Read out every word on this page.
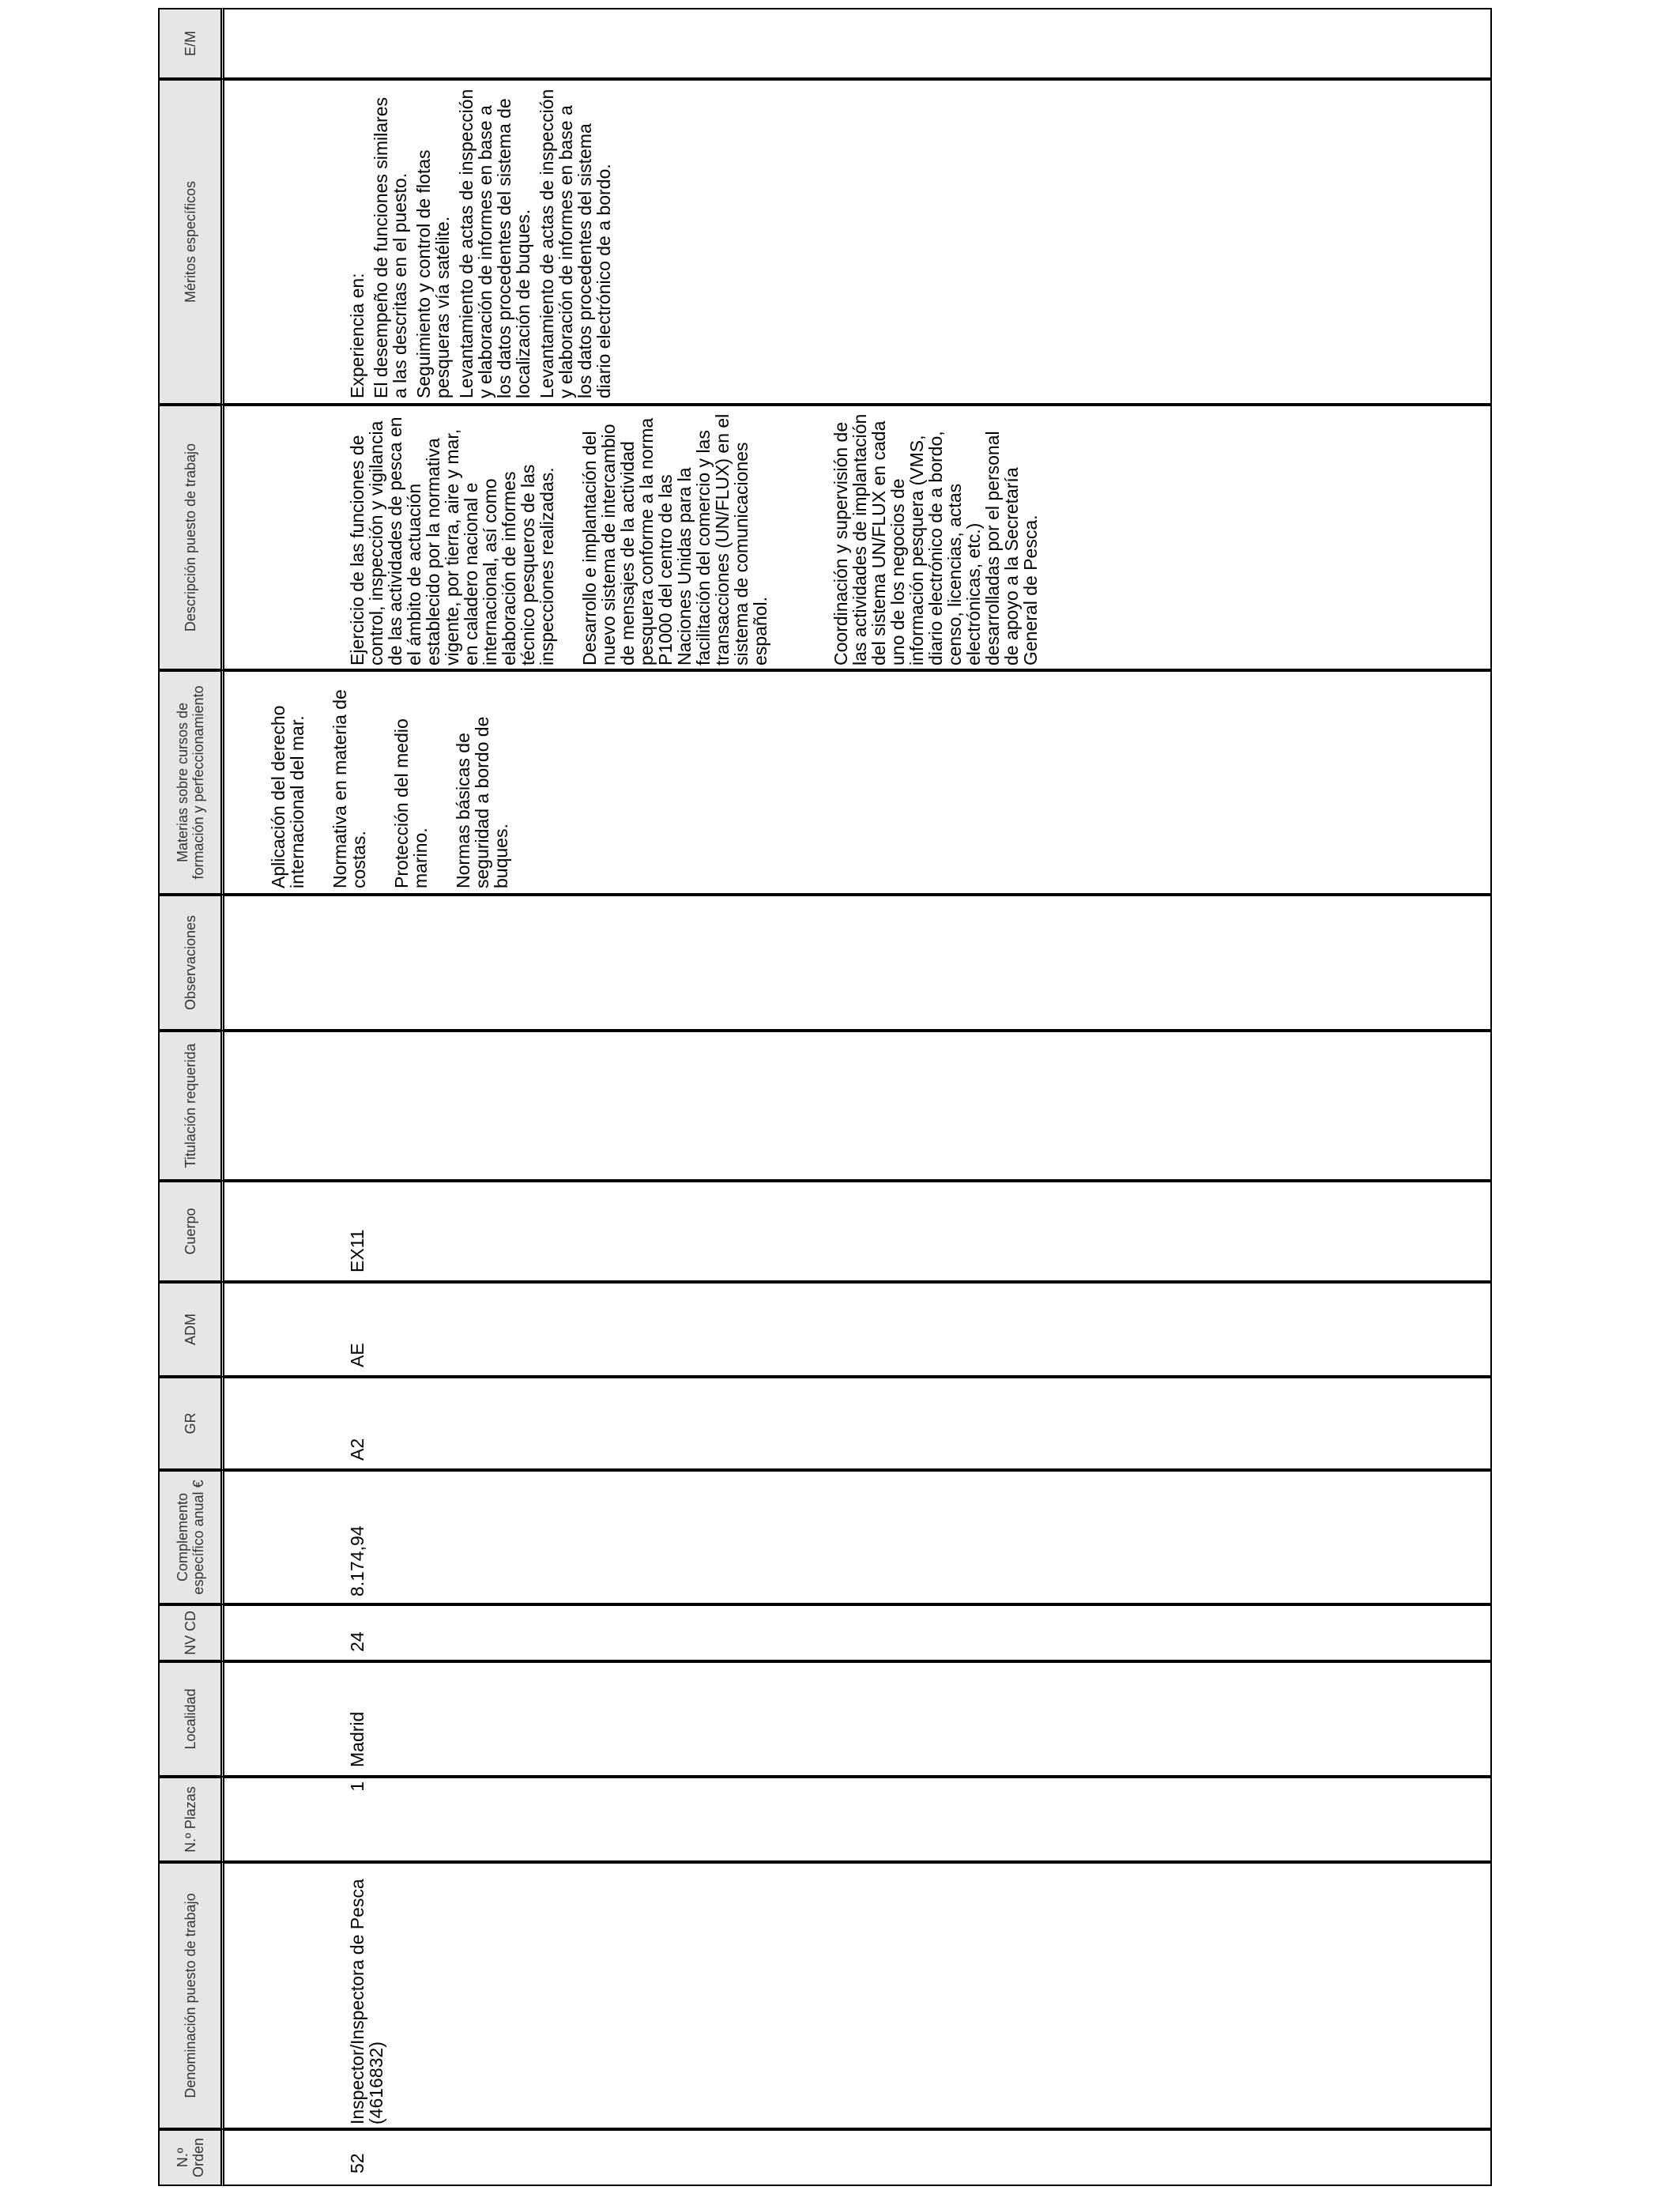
N.º Orden
Denominación puesto de trabajo
N.º Plazas
Localidad
NV CD
Complemento específico anual €
GR
ADM
Cuerpo
Titulación requerida
Observaciones
Materias sobre cursos de formación y perfeccionamiento
Descripción puesto de trabajo
Méritos específicos
E/M
52
Inspector/Inspectora de Pesca (4616832)
1
Madrid
24
8.174,94
A2
AE
EX11
Aplicación del derecho internacional del mar. Normativa en materia de costas. Protección del medio marino. Normas básicas de seguridad a bordo de buques.
Ejercicio de las funciones de control, inspección y vigilancia de las actividades de pesca en el ámbito de actuación establecido por la normativa vigente, por tierra, aire y mar, en caladero nacional e internacional, así como elaboración de informes técnico pesqueros de las inspecciones realizadas. Desarrollo e implantación del nuevo sistema de intercambio de mensajes de la actividad pesquera conforme a la norma P1000 del centro de las Naciones Unidas para la facilitación del comercio y las transacciones (UN/FLUX) en el sistema de comunicaciones español.	Coordinación y supervisión de las actividades de implantación del sistema UN/FLUX en cada uno de los negocios de información pesquera (VMS, diario electrónico de a bordo, censo, licencias, actas electrónicas, etc.) desarrolladas por el personal de apoyo a la Secretaría General de Pesca.
Experiencia en: El desempeño de funciones similares a las descritas en el puesto. Seguimiento y control de flotas pesqueras vía satélite. Levantamiento de actas de inspección y elaboración de informes en base a los datos procedentes del sistema de localización de buques. Levantamiento de actas de inspección y elaboración de informes en base a los datos procedentes del sistema diario electrónico de a bordo.
